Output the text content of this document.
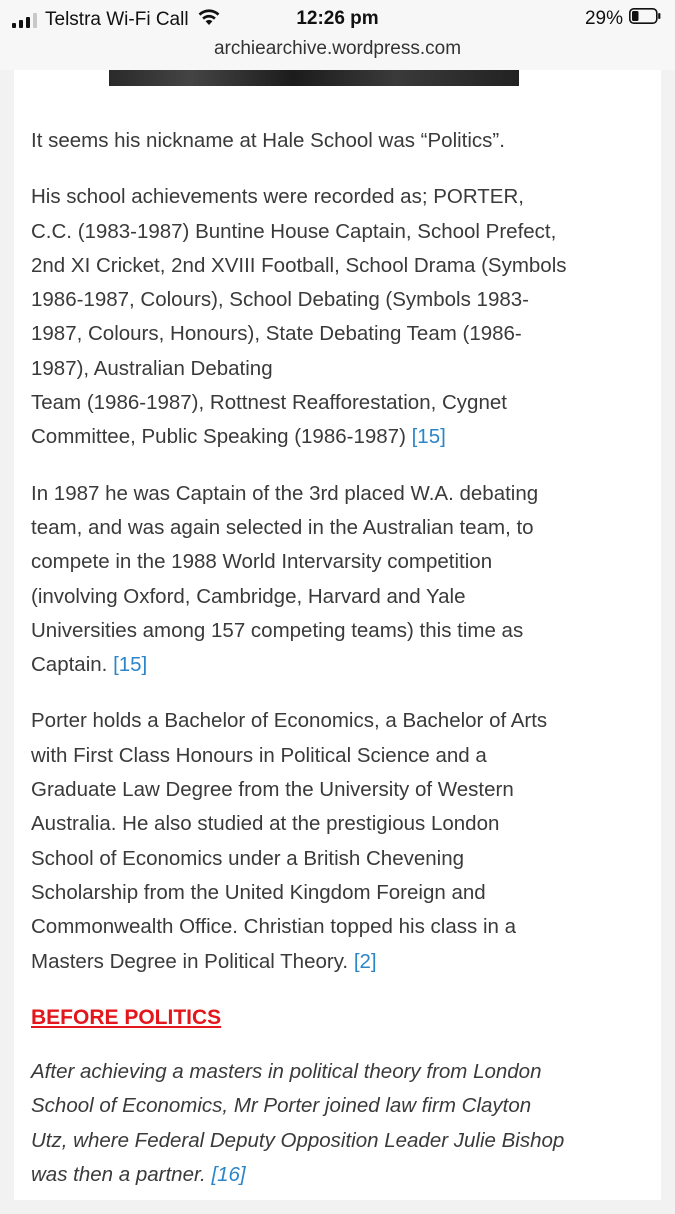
Telstra Wi-Fi Call	12:26 pm	29%
archiearchive.wordpress.com

It seems his nickname at Hale School was “Politics”.

His school achievements were recorded as; PORTER,
C.C. (1983-1987) Buntine House Captain, School Prefect,
2nd XI Cricket, 2nd XVIII Football, School Drama (Symbols
1986-1987, Colours), School Debating (Symbols 1983-
1987, Colours, Honours), State Debating Team (1986-
1987), Australian Debating
Team (1986-1987), Rottnest Reafforestation, Cygnet
Committee, Public Speaking (1986-1987) [15]

In 1987 he was Captain of the 3rd placed W.A. debating
team, and was again selected in the Australian team, to
compete in the 1988 World Intervarsity competition
(involving Oxford, Cambridge, Harvard and Yale
Universities among 157 competing teams) this time as
Captain. [15]

Porter holds a Bachelor of Economics, a Bachelor of Arts
with First Class Honours in Political Science and a
Graduate Law Degree from the University of Western
Australia. He also studied at the prestigious London
School of Economics under a British Chevening
Scholarship from the United Kingdom Foreign and
Commonwealth Office. Christian topped his class in a
Masters Degree in Political Theory. [2]

BEFORE POLITICS

After achieving a masters in political theory from London
School of Economics, Mr Porter joined law firm Clayton
Utz, where Federal Deputy Opposition Leader Julie Bishop
was then a partner. [16]
